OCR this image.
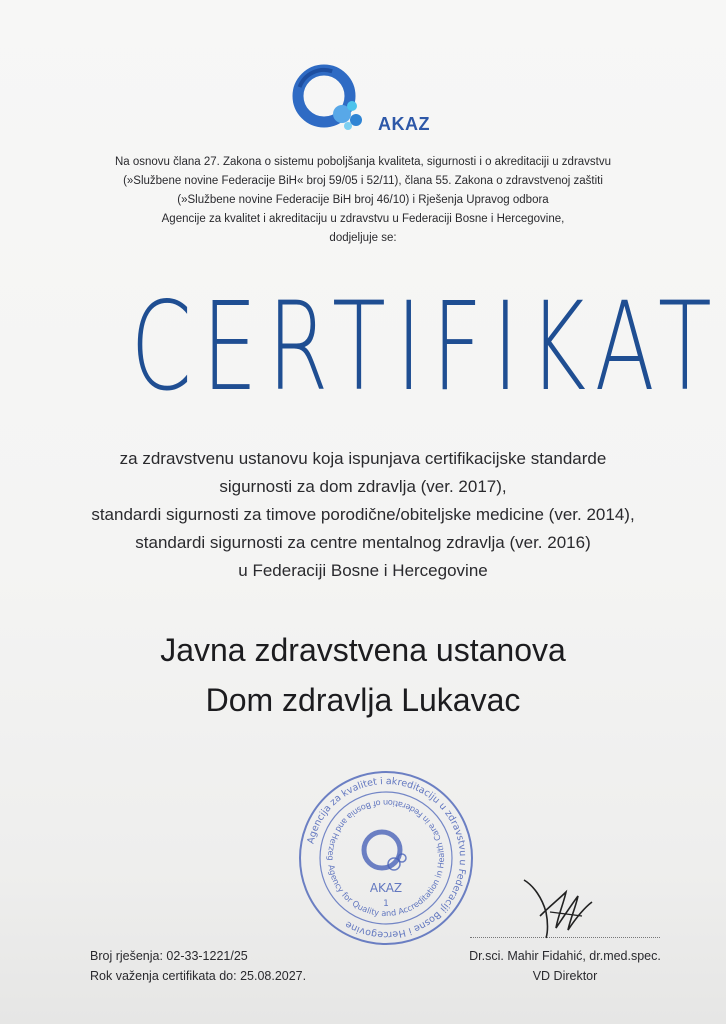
AKAZ
Na osnovu člana 27. Zakona o sistemu poboljšanja kvaliteta, sigurnosti i o akreditaciji u zdravstvu
(»Službene novine Federacije BiH« broj 59/05 i 52/11), člana 55. Zakona o zdravstvenoj zaštiti
(»Službene novine Federacije BiH broj 46/10) i Rješenja Upravog odbora
Agencije za kvalitet i akreditaciju u zdravstvu u Federaciji Bosne i Hercegovine,
dodjeljuje se:
CERTIFIKAT
za zdravstvenu ustanovu koja ispunjava certifikacijske standarde
sigurnosti za dom zdravlja (ver. 2017),
standardi sigurnosti za timove porodične/obiteljske medicine (ver. 2014),
standardi sigurnosti za centre mentalnog zdravlja (ver. 2016)
u Federaciji Bosne i Hercegovine
Javna zdravstvena ustanova
Dom zdravlja Lukavac
Agencija za kvalitet i akreditaciju u zdravstvu u Federaciji Bosne i Hercegovine
Agency for Quality and Accreditation in Health Care in Federation of Bosnia and Herzeg
AKAZ
1
Broj rješenja: 02-33-1221/25
Rok važenja certifikata do: 25.08.2027.
Dr.sci. Mahir Fidahić, dr.med.spec.
VD Direktor
